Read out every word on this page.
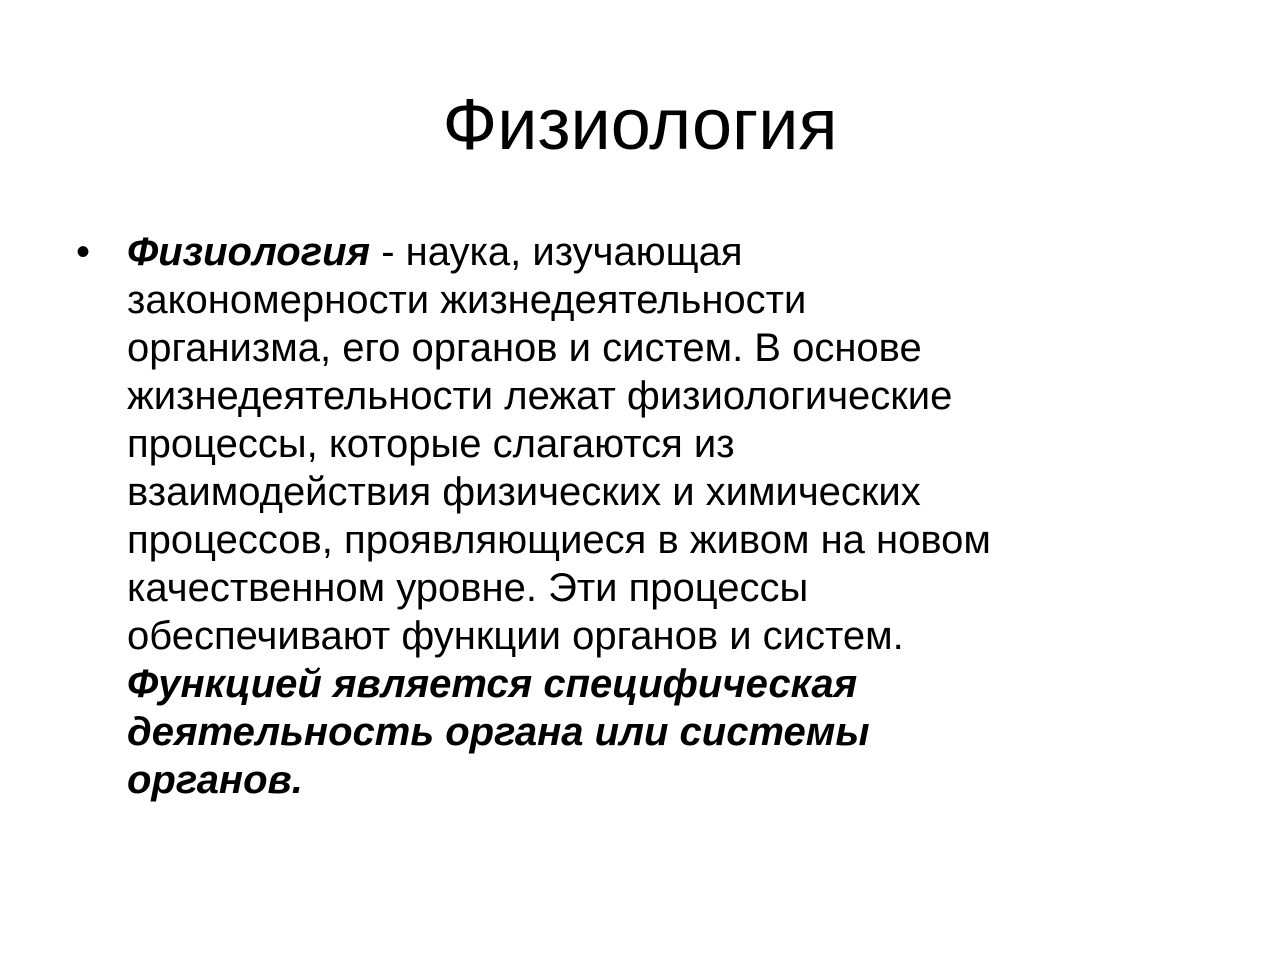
Физиология
• Физиология - наука, изучающая
закономерности жизнедеятельности
организма, его органов и систем. В основе
жизнедеятельности лежат физиологические
процессы, которые слагаются из
взаимодействия физических и химических
процессов, проявляющиеся в живом на новом
качественном уровне. Эти процессы
обеспечивают функции органов и систем.
Функцией является специфическая
деятельность органа или системы
органов.
